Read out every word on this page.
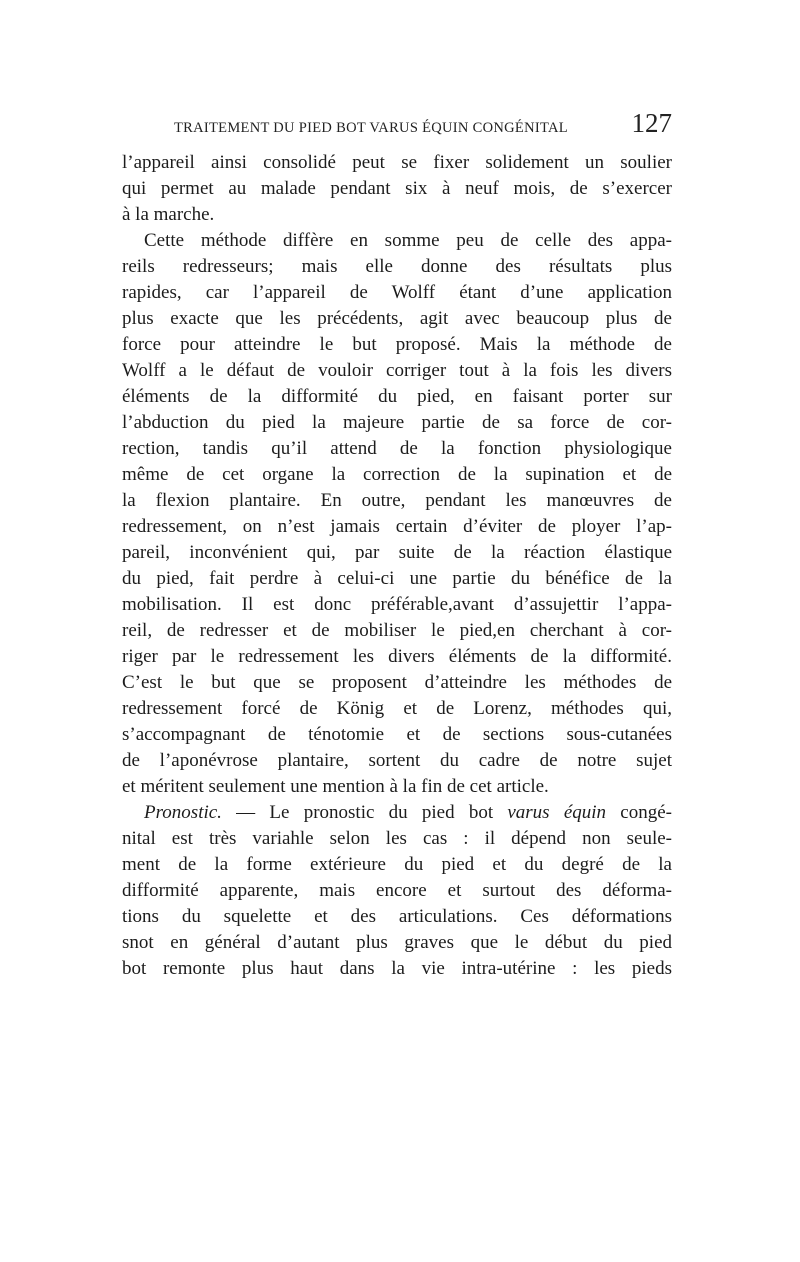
TRAITEMENT DU PIED BOT VARUS ÉQUIN CONGÉNITAL 127
l’appareil ainsi consolidé peut se fixer solidement un soulier
qui permet au malade pendant six à neuf mois, de s’exercer
à la marche.
Cette méthode diffère en somme peu de celle des appa-
reils redresseurs; mais elle donne des résultats plus
rapides, car l’appareil de Wolff étant d’une application
plus exacte que les précédents, agit avec beaucoup plus de
force pour atteindre le but proposé. Mais la méthode de
Wolff a le défaut de vouloir corriger tout à la fois les divers
éléments de la difformité du pied, en faisant porter sur
l’abduction du pied la majeure partie de sa force de cor-
rection, tandis qu’il attend de la fonction physiologique
même de cet organe la correction de la supination et de
la flexion plantaire. En outre, pendant les manœuvres de
redressement, on n’est jamais certain d’éviter de ployer l’ap-
pareil, inconvénient qui, par suite de la réaction élastique
du pied, fait perdre à celui-ci une partie du bénéfice de la
mobilisation. Il est donc préférable,avant d’assujettir l’appa-
reil, de redresser et de mobiliser le pied,en cherchant à cor-
riger par le redressement les divers éléments de la difformité.
C’est le but que se proposent d’atteindre les méthodes de
redressement forcé de König et de Lorenz, méthodes qui,
s’accompagnant de ténotomie et de sections sous-cutanées
de l’aponévrose plantaire, sortent du cadre de notre sujet
et méritent seulement une mention à la fin de cet article.
Pronostic. — Le pronostic du pied bot varus équin congé-
nital est très variahle selon les cas : il dépend non seule-
ment de la forme extérieure du pied et du degré de la
difformité apparente, mais encore et surtout des déforma-
tions du squelette et des articulations. Ces déformations
snot en général d’autant plus graves que le début du pied
bot remonte plus haut dans la vie intra-utérine : les pieds
